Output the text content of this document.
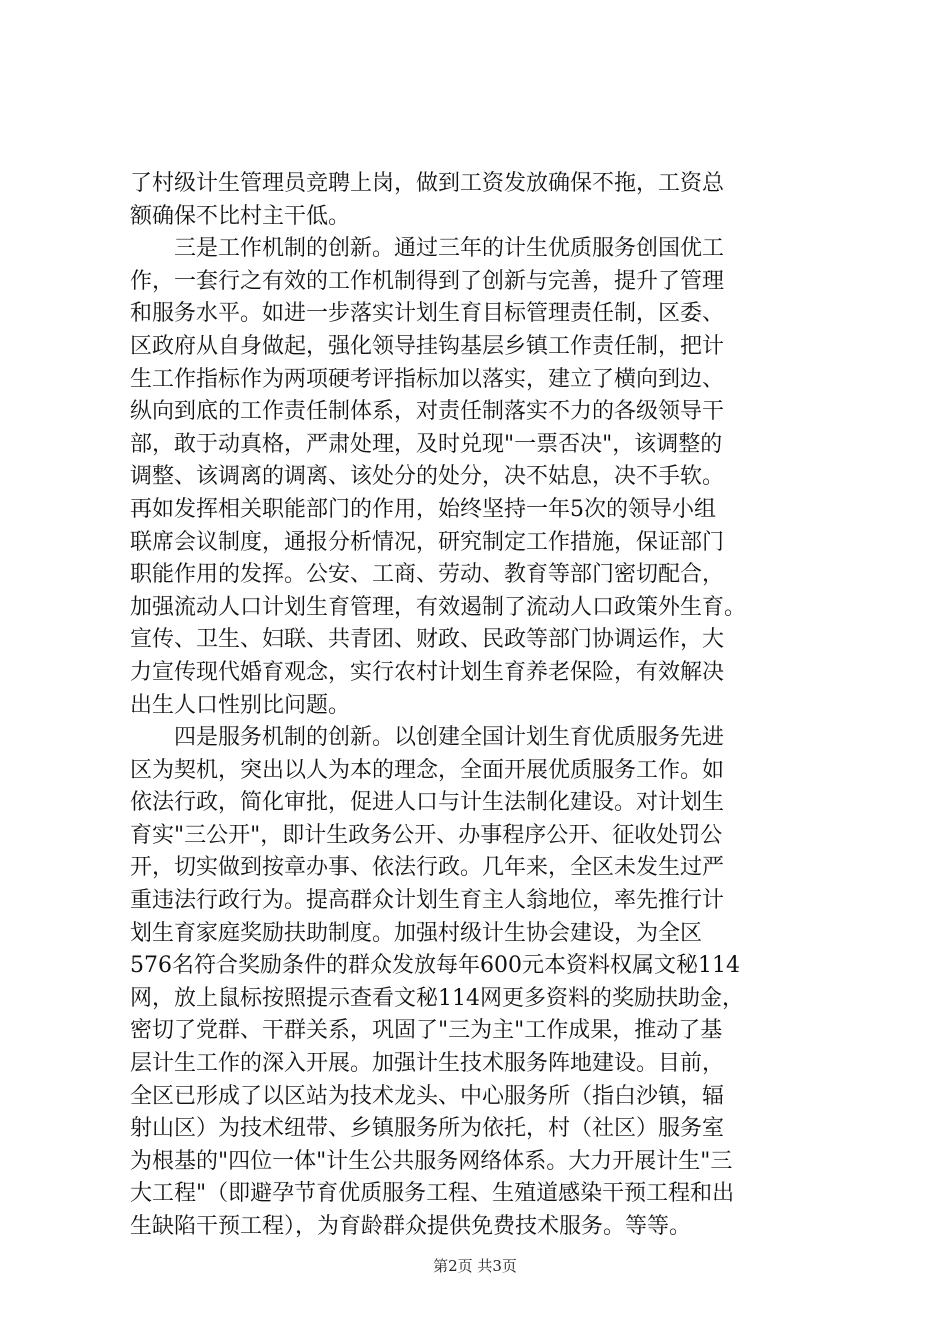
了村级计生管理员竞聘上岗，做到工资发放确保不拖，工资总
额确保不比村主干低。
　　三是工作机制的创新。通过三年的计生优质服务创国优工
作，一套行之有效的工作机制得到了创新与完善，提升了管理
和服务水平。如进一步落实计划生育目标管理责任制，区委、
区政府从自身做起，强化领导挂钩基层乡镇工作责任制，把计
生工作指标作为两项硬考评指标加以落实，建立了横向到边、
纵向到底的工作责任制体系，对责任制落实不力的各级领导干
部，敢于动真格，严肃处理，及时兑现"一票否决"，该调整的
调整、该调离的调离、该处分的处分，决不姑息，决不手软。
再如发挥相关职能部门的作用，始终坚持一年5次的领导小组
联席会议制度，通报分析情况，研究制定工作措施，保证部门
职能作用的发挥。公安、工商、劳动、教育等部门密切配合，
加强流动人口计划生育管理，有效遏制了流动人口政策外生育。
宣传、卫生、妇联、共青团、财政、民政等部门协调运作，大
力宣传现代婚育观念，实行农村计划生育养老保险，有效解决
出生人口性别比问题。
　　四是服务机制的创新。以创建全国计划生育优质服务先进
区为契机，突出以人为本的理念，全面开展优质服务工作。如
依法行政，简化审批，促进人口与计生法制化建设。对计划生
育实"三公开"，即计生政务公开、办事程序公开、征收处罚公
开，切实做到按章办事、依法行政。几年来，全区未发生过严
重违法行政行为。提高群众计划生育主人翁地位，率先推行计
划生育家庭奖励扶助制度。加强村级计生协会建设，为全区
576名符合奖励条件的群众发放每年600元本资料权属文秘114
网，放上鼠标按照提示查看文秘114网更多资料的奖励扶助金，
密切了党群、干群关系，巩固了"三为主"工作成果，推动了基
层计生工作的深入开展。加强计生技术服务阵地建设。目前，
全区已形成了以区站为技术龙头、中心服务所（指白沙镇，辐
射山区）为技术纽带、乡镇服务所为依托，村（社区）服务室
为根基的"四位一体"计生公共服务网络体系。大力开展计生"三
大工程"（即避孕节育优质服务工程、生殖道感染干预工程和出
生缺陷干预工程），为育龄群众提供免费技术服务。等等。
第2页 共3页
